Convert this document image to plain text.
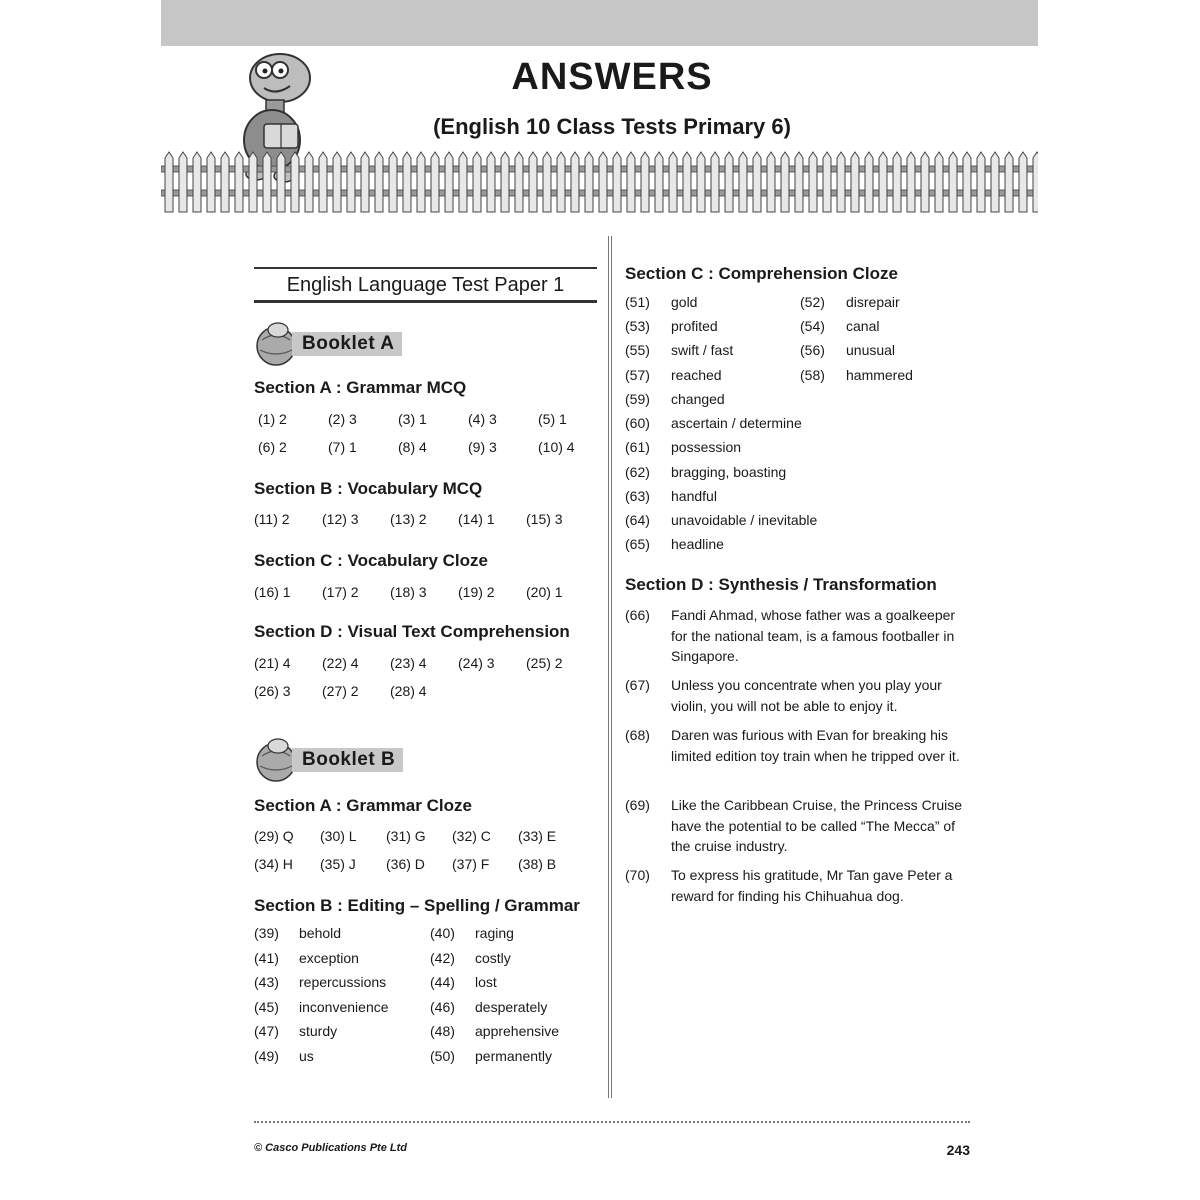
ANSWERS
(English 10 Class Tests Primary 6)
English Language Test Paper 1
Booklet A
Section A : Grammar MCQ
(1) 2	(2) 3	(3) 1	(4) 3	(5) 1
(6) 2	(7) 1	(8) 4	(9) 3	(10) 4
Section B : Vocabulary MCQ
(11) 2 (12) 3 (13) 2 (14) 1 (15) 3
Section C : Vocabulary Cloze
(16) 1 (17) 2 (18) 3 (19) 2 (20) 1
Section D : Visual Text Comprehension
(21) 4 (22) 4 (23) 4 (24) 3 (25) 2
(26) 3 (27) 2 (28) 4
Booklet B
Section A : Grammar Cloze
(29) Q (30) L (31) G (32) C (33) E
(34) H (35) J (36) D (37) F (38) B
Section B : Editing – Spelling / Grammar
(39) behold	(40) raging
(41) exception	(42) costly
(43) repercussions	(44) lost
(45) inconvenience	(46) desperately
(47) sturdy	(48) apprehensive
(49) us	(50) permanently
Section C : Comprehension Cloze
(51) gold	(52) disrepair
(53) profited	(54) canal
(55) swift / fast	(56) unusual
(57) reached	(58) hammered
(59) changed
(60) ascertain / determine
(61) possession
(62) bragging, boasting
(63) handful
(64) unavoidable / inevitable
(65) headline
Section D : Synthesis / Transformation
(66) Fandi Ahmad, whose father was a goalkeeper for the national team, is a famous footballer in Singapore.
(67) Unless you concentrate when you play your violin, you will not be able to enjoy it.
(68) Daren was furious with Evan for breaking his limited edition toy train when he tripped over it.
(69) Like the Caribbean Cruise, the Princess Cruise have the potential to be called “The Mecca” of the cruise industry.
(70) To express his gratitude, Mr Tan gave Peter a reward for finding his Chihuahua dog.
© Casco Publications Pte Ltd	243
